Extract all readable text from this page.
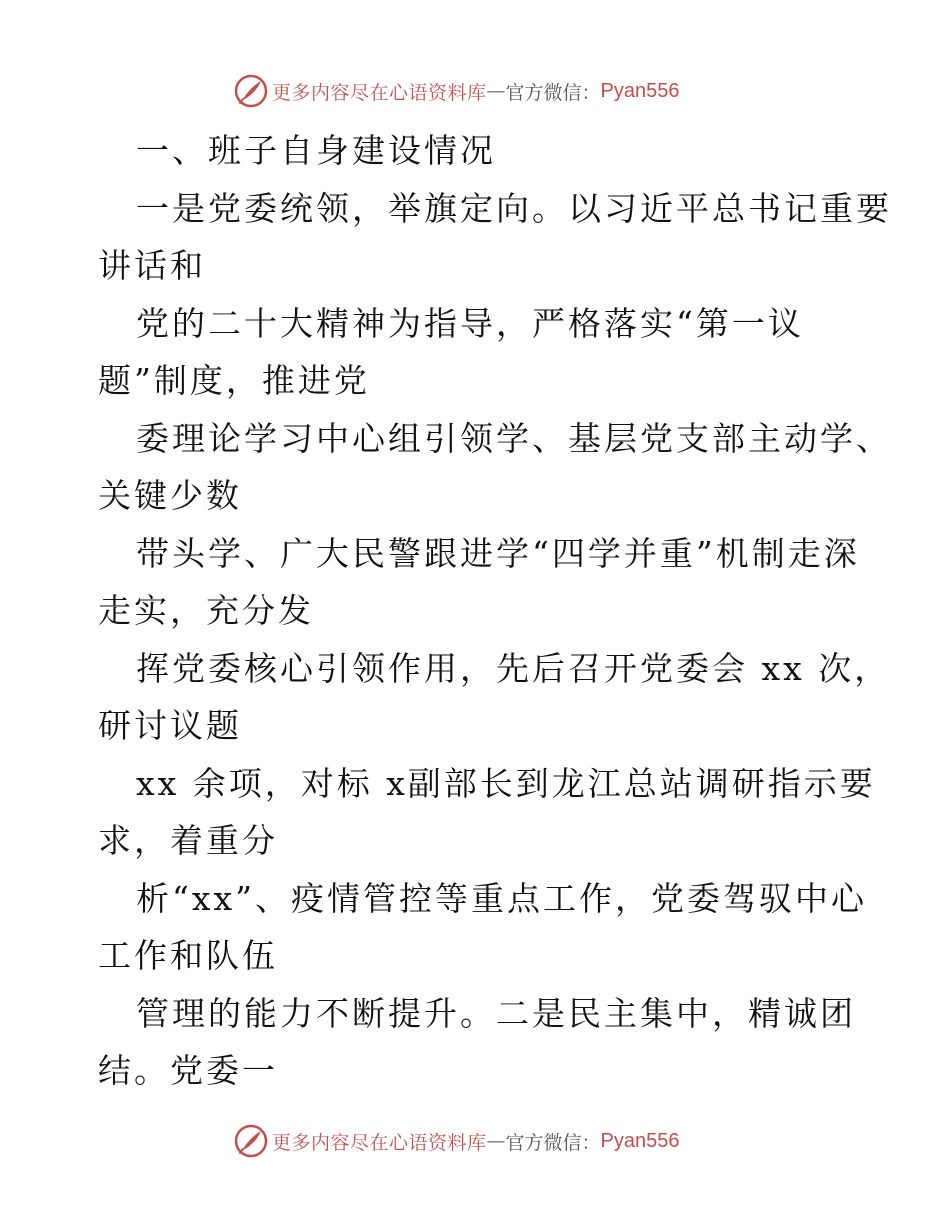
更多内容尽在心语资料库 — 官方微信： Pyan556
一、班子自身建设情况
一是党委统领，举旗定向。以习近平总书记重要
讲话和
党的二十大精神为指导，严格落实“第一议
题”制度，推进党
委理论学习中心组引领学、基层党支部主动学、
关键少数
带头学、广大民警跟进学“四学并重”机制走深
走实，充分发
挥党委核心引领作用，先后召开党委会 xx 次，
研讨议题
xx 余项，对标 x副部长到龙江总站调研指示要
求，着重分
析“xx”、疫情管控等重点工作，党委驾驭中心
工作和队伍
管理的能力不断提升。二是民主集中，精诚团
结。党委一
更多内容尽在心语资料库 — 官方微信： Pyan556
